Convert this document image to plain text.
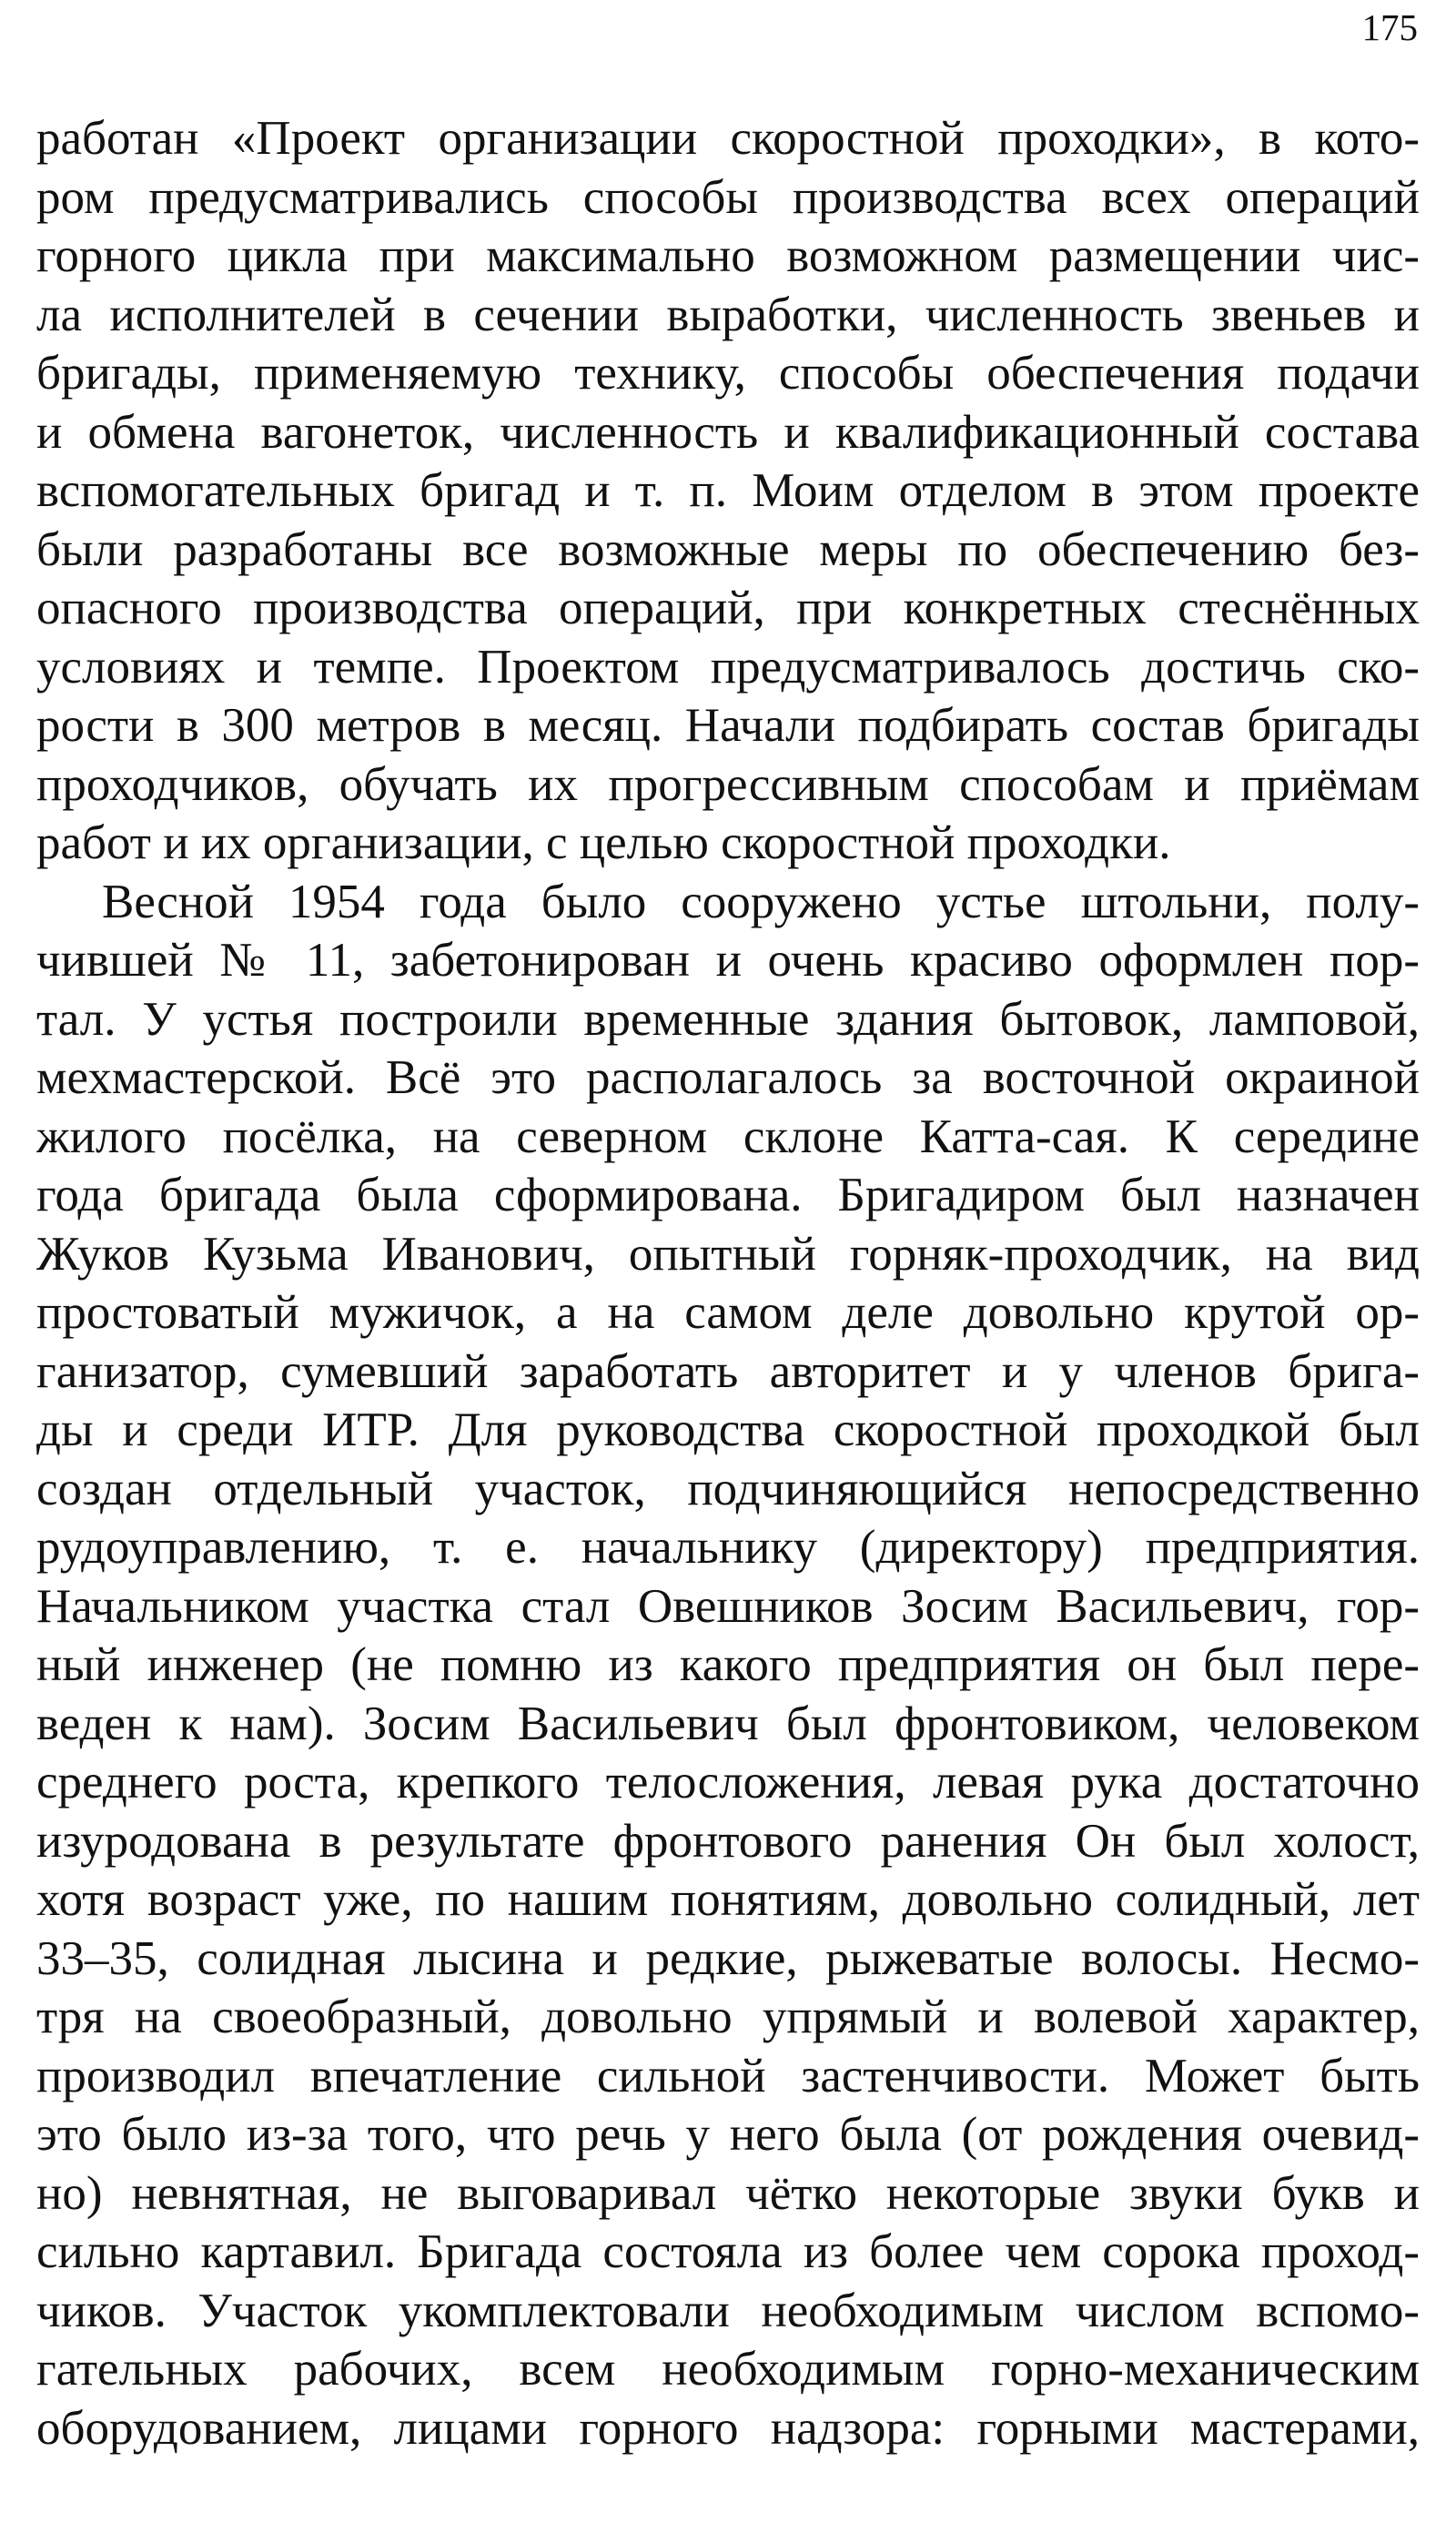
175

работан «Проект организации скоростной проходки», в кото-
ром предусматривались способы производства всех операций
горного цикла при максимально возможном размещении чис-
ла исполнителей в сечении выработки, численность звеньев и
бригады, применяемую технику, способы обеспечения подачи
и обмена вагонеток, численность и квалификационный состава
вспомогательных бригад и т. п. Моим отделом в этом проекте
были разработаны все возможные меры по обеспечению без-
опасного производства операций, при конкретных стеснённых
условиях и темпе. Проектом предусматривалось достичь ско-
рости в 300 метров в месяц. Начали подбирать состав бригады
проходчиков, обучать их прогрессивным способам и приёмам
работ и их организации, с целью скоростной проходки.

Весной 1954 года было сооружено устье штольни, полу-
чившей № 11, забетонирован и очень красиво оформлен пор-
тал. У устья построили временные здания бытовок, ламповой,
мехмастерской. Всё это располагалось за восточной окраиной
жилого посёлка, на северном склоне Катта-сая. К середине
года бригада была сформирована. Бригадиром был назначен
Жуков Кузьма Иванович, опытный горняк-проходчик, на вид
простоватый мужичок, а на самом деле довольно крутой ор-
ганизатор, сумевший заработать авторитет и у членов брига-
ды и среди ИТР. Для руководства скоростной проходкой был
создан отдельный участок, подчиняющийся непосредственно
рудоуправлению, т. е. начальнику (директору) предприятия.
Начальником участка стал Овешников Зосим Васильевич, гор-
ный инженер (не помню из какого предприятия он был пере-
веден к нам). Зосим Васильевич был фронтовиком, человеком
среднего роста, крепкого телосложения, левая рука достаточно
изуродована в результате фронтового ранения Он был холост,
хотя возраст уже, по нашим понятиям, довольно солидный, лет
33–35, солидная лысина и редкие, рыжеватые волосы. Несмо-
тря на своеобразный, довольно упрямый и волевой характер,
производил впечатление сильной застенчивости. Может быть
это было из-за того, что речь у него была (от рождения очевид-
но) невнятная, не выговаривал чётко некоторые звуки букв и
сильно картавил. Бригада состояла из более чем сорока проход-
чиков. Участок укомплектовали необходимым числом вспомо-
гательных рабочих, всем необходимым горно-механическим
оборудованием, лицами горного надзора: горными мастерами,
